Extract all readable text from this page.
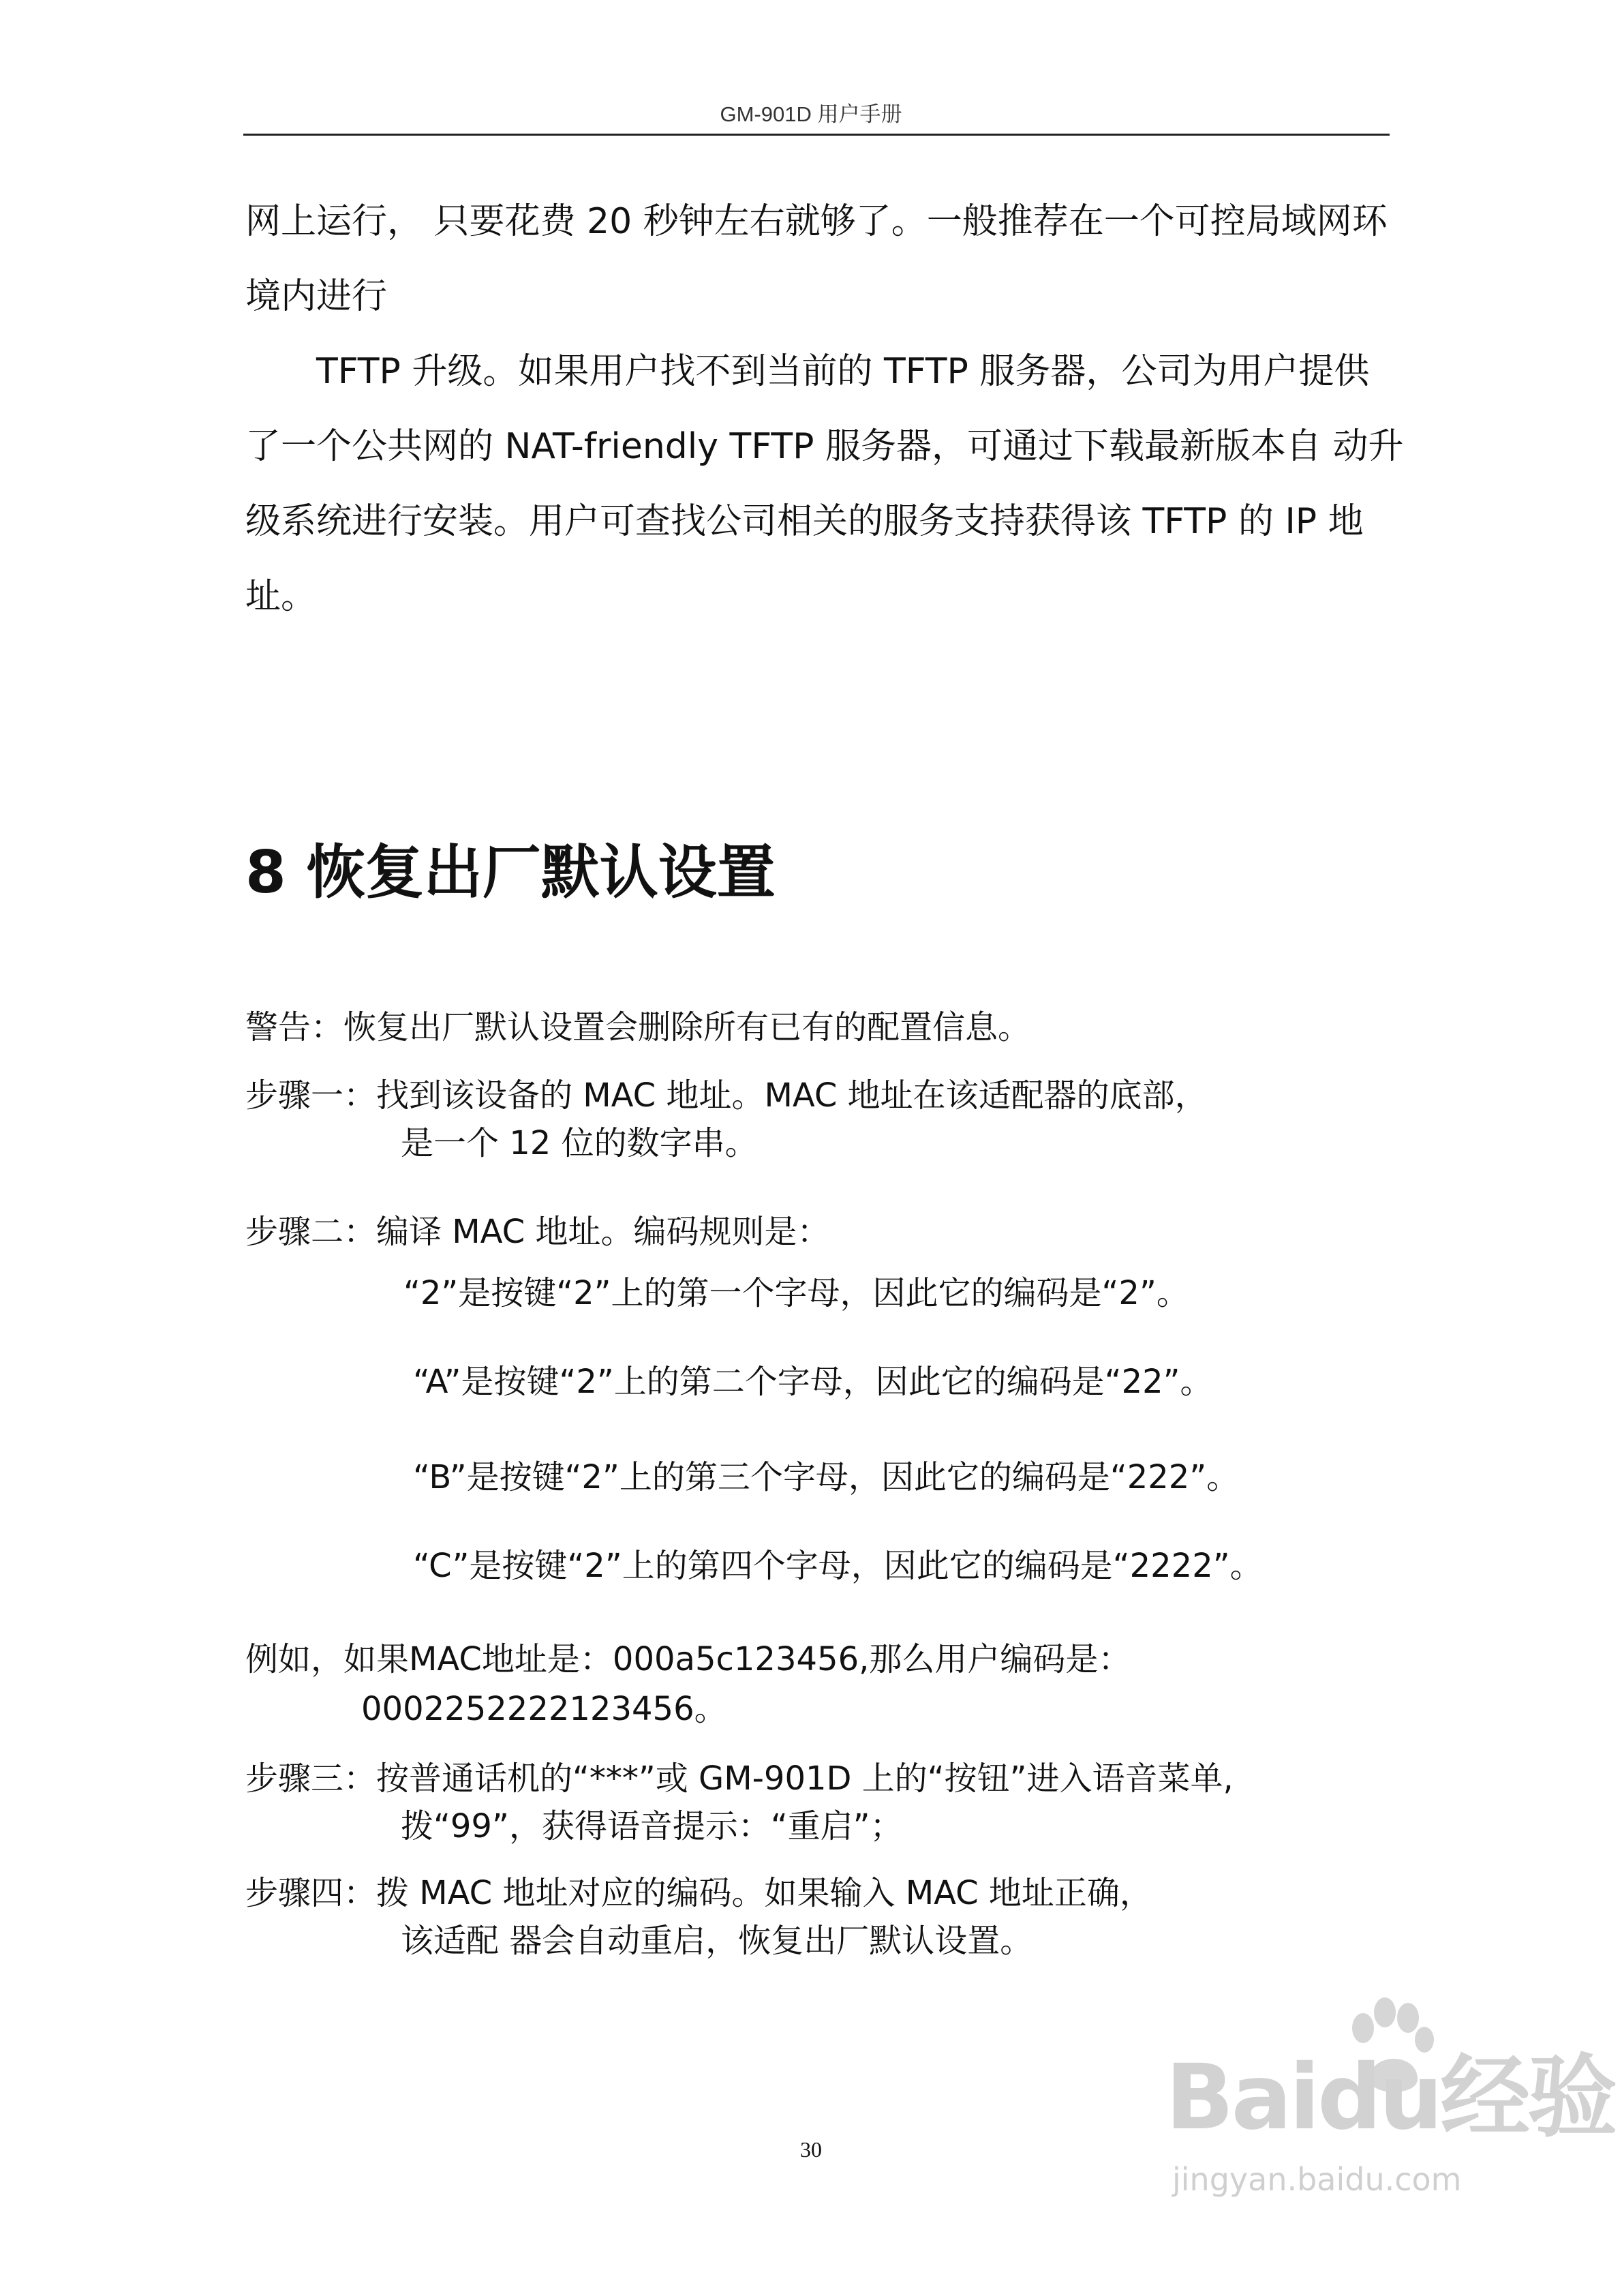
GM-901D 用户手册

网上运行， 只要花费 20 秒钟左右就够了。一般推荐在一个可控局域网环境内进行

TFTP 升级。如果用户找不到当前的 TFTP 服务器，公司为用户提供了一个公共网的 NAT-friendly TFTP 服务器，可通过下载最新版本自 动升级系统进行安装。用户可查找公司相关的服务支持获得该 TFTP 的 IP 地址。

8 恢复出厂默认设置

警告：恢复出厂默认设置会删除所有已有的配置信息。

步骤一：找到该设备的 MAC 地址。MAC 地址在该适配器的底部，

是一个 12 位的数字串。

步骤二：编译 MAC 地址。编码规则是：

“2”是按键“2”上的第一个字母，因此它的编码是“2”。

“A”是按键“2”上的第二个字母，因此它的编码是“22”。

“B”是按键“2”上的第三个字母，因此它的编码是“222”。

“C”是按键“2”上的第四个字母，因此它的编码是“2222”。

例如，如果MAC地址是：000a5c123456,那么用户编码是：

0002252222123456。

步骤三：按普通话机的“***”或 GM-901D 上的“按钮”进入语音菜单,

拨“99”，获得语音提示：“重启”；

步骤四：拨 MAC 地址对应的编码。如果输入 MAC 地址正确，

该适配 器会自动重启，恢复出厂默认设置。

Baidu经验
jingyan.baidu.com
30
